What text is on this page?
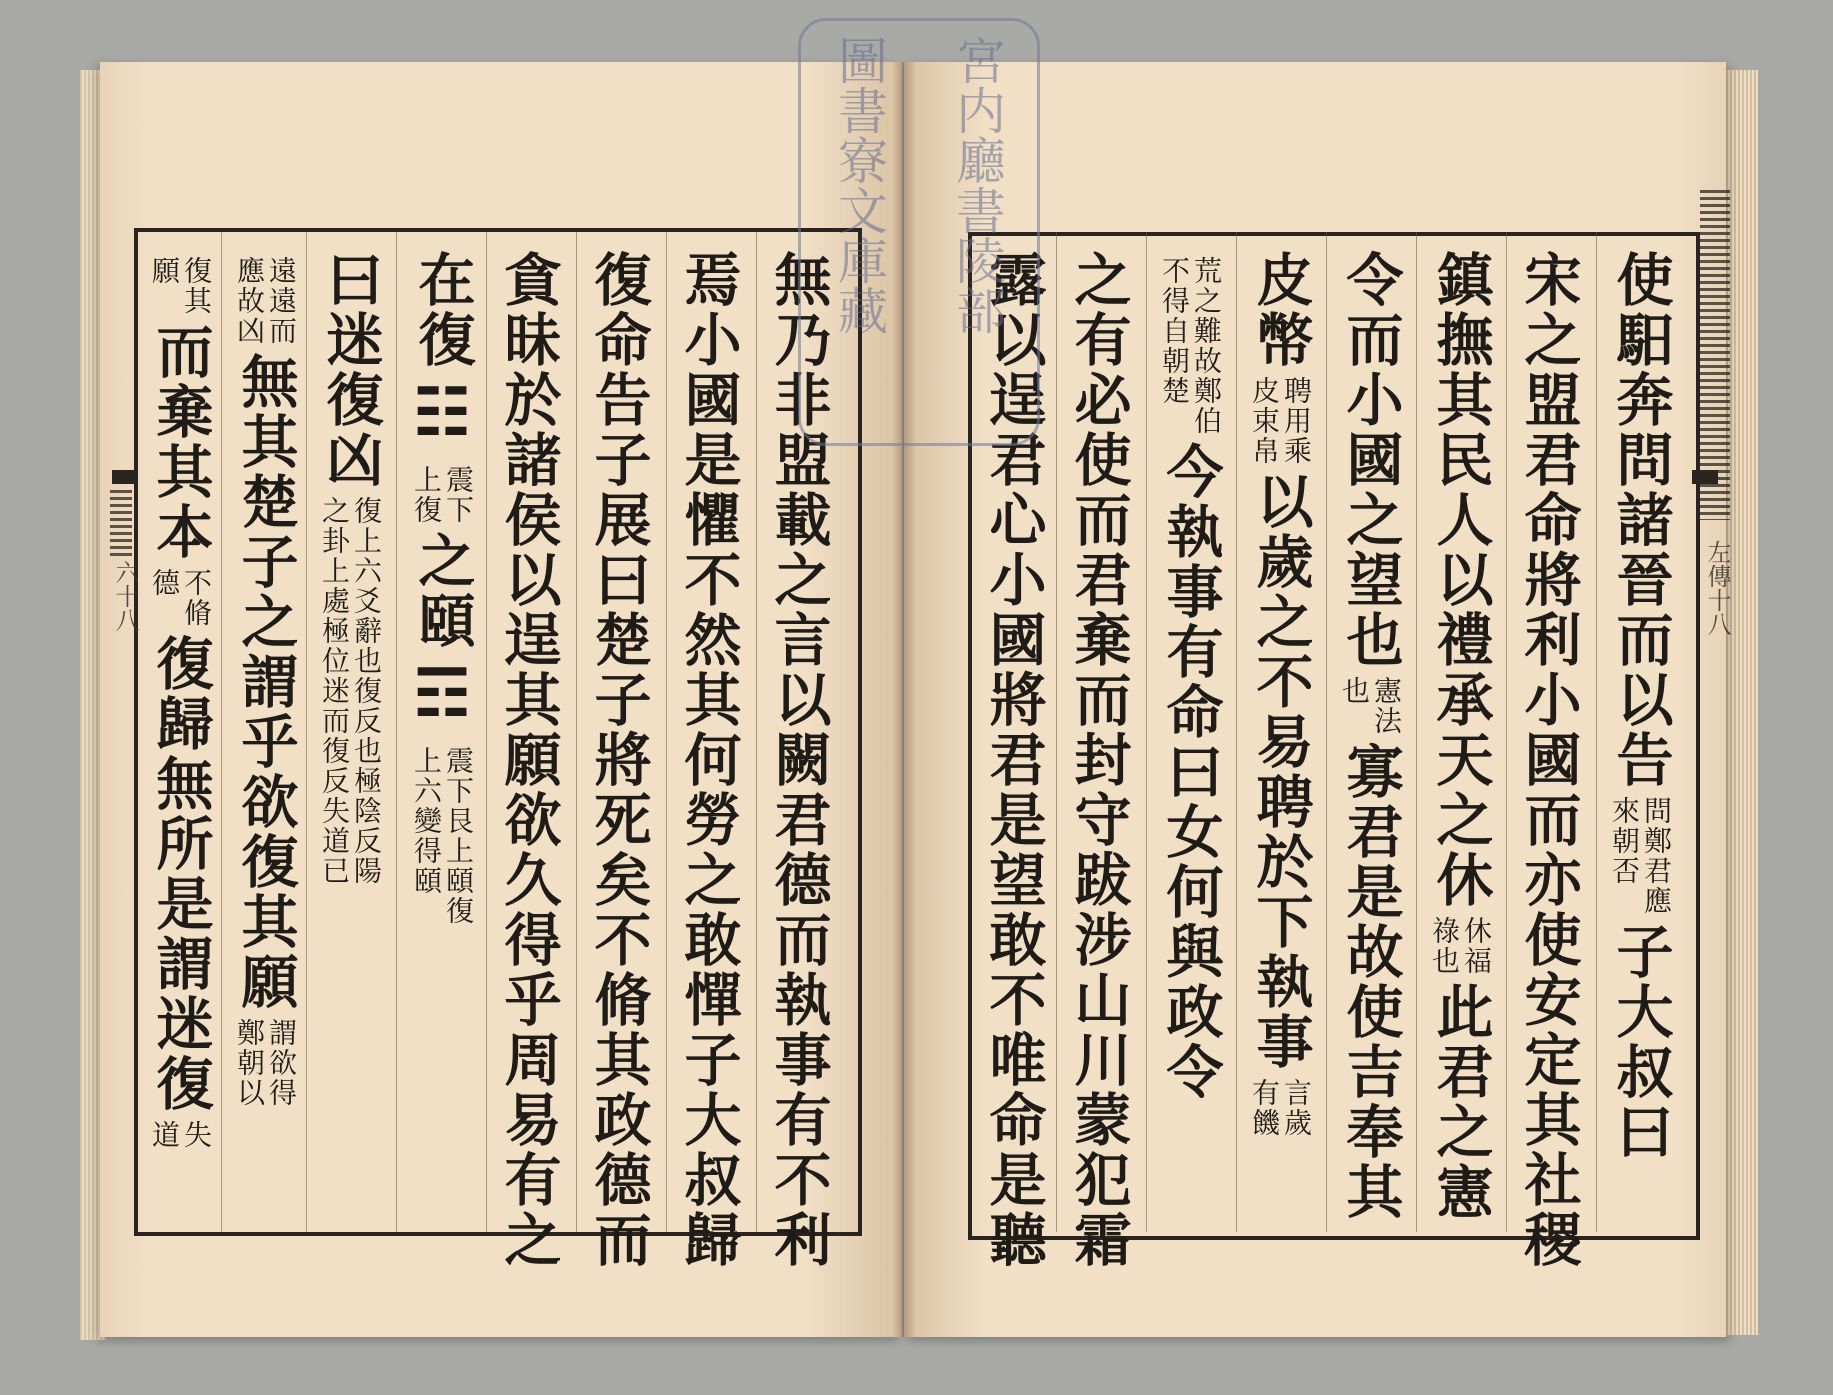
無乃非盟載之言以闕君德而執事有不利
焉小國是懼不然其何勞之敢憚子大叔歸
復命告子展曰楚子將死矣不脩其政德而
貪昧於諸侯以逞其願欲久得乎周易有之
在復☷
震下
上復
之頤☶
震下艮上頤復
上六變得頤
曰迷復凶
復上六爻辭也復反也極陰反陽
之卦上處極位迷而復反失道已
遠遠而
應故凶
無其楚子之謂乎欲復其願
謂欲得
鄭朝以
復其
願
而棄其本
不脩
德
復歸無所是謂迷復
失
道
使馹奔問諸晉而以告
問鄭君應
來朝否
子大叔曰
宋之盟君命將利小國而亦使安定其社稷
鎮撫其民人以禮承天之休
休福
祿也
此君之憲
令而小國之望也
憲法
也
寡君是故使吉奉其
皮幣
聘用乘
皮束帛
以歲之不易聘於下執事
言歲
有饑
荒之難故鄭伯
不得自朝楚
今執事有命曰女何與政令
之有必使而君棄而封守跋涉山川蒙犯霜
露以逞君心小國將君是望敢不唯命是聽
六十八	左傳十八
宮内廳書陵部
圖書寮文庫藏
